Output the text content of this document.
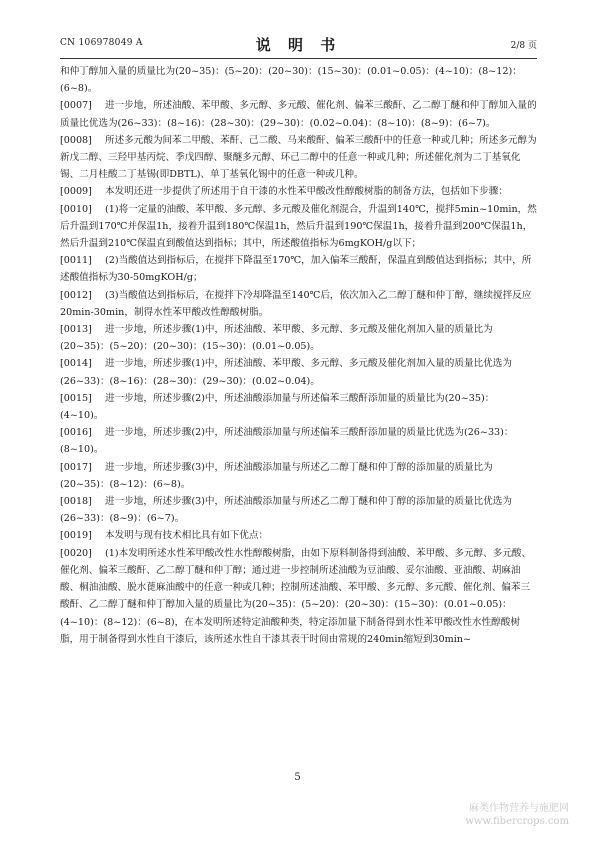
CN 106978049 A	说 明 书	2/8 页

和仲丁醇加入量的质量比为(20~35)：(5~20)：(20~30)：(15~30)：(0.01~0.05)：(4~10)：(8~12)：(6~8)。

[0007] 进一步地，所述油酸、苯甲酸、多元醇、多元酸、催化剂、偏苯三酸酐、乙二醇丁醚和仲丁醇加入量的质量比优选为(26~33)：(8~16)：(28~30)：(29~30)：(0.02~0.04)：(8~10)：(8~9)：(6~7)。

[0008] 所述多元酸为间苯二甲酸、苯酐、己二酸、马来酸酐、偏苯三酸酐中的任意一种或几种；所述多元醇为新戊二醇、三羟甲基丙烷、季戊四醇、聚醚多元醇、环己二醇中的任意一种或几种；所述催化剂为二丁基氧化锡、二月桂酸二丁基锡(即DBTL)、单丁基氧化锡中的任意一种或几种。

[0009] 本发明还进一步提供了所述用于自干漆的水性苯甲酸改性醇酸树脂的制备方法，包括如下步骤：

[0010] (1)将一定量的油酸、苯甲酸、多元醇、多元酸及催化剂混合，升温到140℃，搅拌5min~10min，然后升温到170℃并保温1h，接着升温到180℃保温1h，然后升温到190℃保温1h，接着升温到200℃保温1h，然后升温到210℃保温直到酸值达到指标；其中，所述酸值指标为6mgKOH/g以下；

[0011] (2)当酸值达到指标后，在搅拌下降温至170℃，加入偏苯三酸酐，保温直到酸值达到指标；其中，所述酸值指标为30-50mgKOH/g；

[0012] (3)当酸值达到指标后，在搅拌下冷却降温至140℃后，依次加入乙二醇丁醚和仲丁醇，继续搅拌反应20min-30min，制得水性苯甲酸改性醇酸树脂。

[0013] 进一步地，所述步骤(1)中，所述油酸、苯甲酸、多元醇、多元酸及催化剂加入量的质量比为(20~35)：(5~20)：(20~30)：(15~30)：(0.01~0.05)。

[0014] 进一步地，所述步骤(1)中，所述油酸、苯甲酸、多元醇、多元酸及催化剂加入量的质量比优选为(26~33)：(8~16)：(28~30)：(29~30)：(0.02~0.04)。

[0015] 进一步地，所述步骤(2)中，所述油酸添加量与所述偏苯三酸酐添加量的质量比为(20~35)：(4~10)。

[0016] 进一步地，所述步骤(2)中，所述油酸添加量与所述偏苯三酸酐添加量的质量比优选为(26~33)：(8~10)。

[0017] 进一步地，所述步骤(3)中，所述油酸添加量与所述乙二醇丁醚和仲丁醇的添加量的质量比为(20~35)：(8~12)：(6~8)。

[0018] 进一步地，所述步骤(3)中，所述油酸添加量与所述乙二醇丁醚和仲丁醇的添加量的质量比优选为(26~33)：(8~9)：(6~7)。

[0019] 本发明与现有技术相比具有如下优点：

[0020] (1)本发明所述水性苯甲酸改性水性醇酸树脂，由如下原料制备得到油酸、苯甲酸、多元醇、多元酸、催化剂、偏苯三酸酐、乙二醇丁醚和仲丁醇；通过进一步控制所述油酸为豆油酸、妥尔油酸、亚油酸、胡麻油酸、桐油油酸、脱水蓖麻油酸中的任意一种或几种；控制所述油酸、苯甲酸、多元醇、多元酸、催化剂、偏苯三酸酐、乙二醇丁醚和仲丁醇加入量的质量比为(20~35)：(5~20)：(20~30)：(15~30)：(0.01~0.05)：(4~10)：(8~12)：(6~8)，在本发明所述特定油酸种类，特定添加量下制备得到水性苯甲酸改性水性醇酸树脂，用于制备得到水性自干漆后，该所述水性自干漆其表干时间由常规的240min缩短到30min~

5
麻类作物营养与施肥网
www.fibercrops.com
